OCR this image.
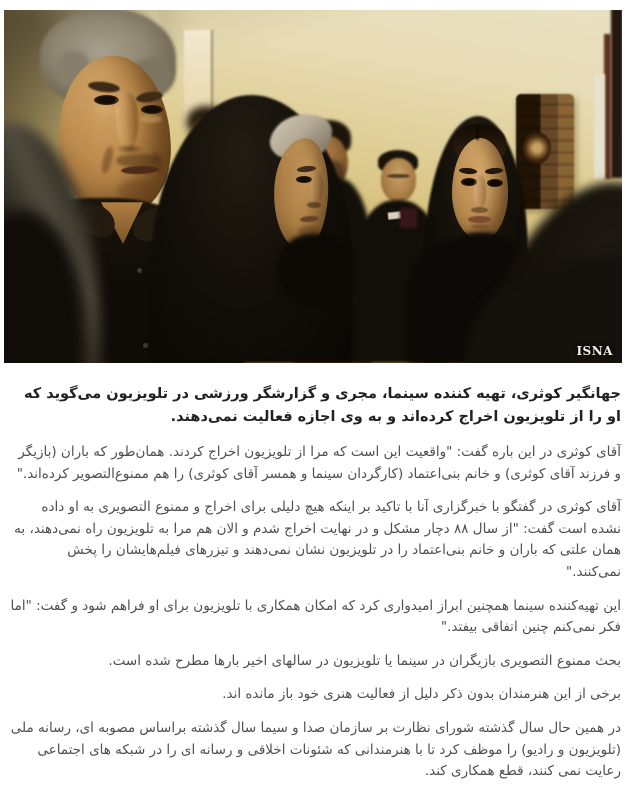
ISNA
جهانگیر کوثری، تهیه کننده سینما، مجری و گزارشگر ورزشی در تلویزیون می‌گوید که او را از تلویزیون اخراج کرده‌اند و به وی اجازه فعالیت نمی‌دهند.

آقای کوثری در این باره گفت: "واقعیت این است که مرا از تلویزیون اخراج کردند. همان‌طور که باران (بازیگر و فرزند آقای کوثری) و خانم بنی‌اعتماد (کارگردان سینما و همسر آقای کوثری) را هم ممنوع‌التصویر کرده‌اند."

آقای کوثری در گفتگو با خبرگزاری آنا با تاکید بر اینکه هیچ دلیلی برای اخراج و ممنوع التصویری به او داده نشده است گفت: "از سال ۸۸ دچار مشکل و در نهایت اخراج شدم و الان هم مرا به تلویزیون راه نمی‌دهند، به همان علتی که باران و خانم بنی‌اعتماد را در تلویزیون نشان نمی‌دهند و تیزرهای فیلم‌هایشان را پخش نمی‌کنند."

این تهیه‌کننده سینما همچنین ابراز امیدواری کرد که امکان همکاری با تلویزیون برای او فراهم شود و گفت: "اما فکر نمی‌کنم چنین اتفاقی بیفتد."

بحث ممنوع التصویری بازیگران در سینما یا تلویزیون در سالهای اخیر بارها مطرح شده است.

برخی از این هنرمندان بدون ذکر دلیل از فعالیت هنری خود باز مانده اند.

در همین حال سال گذشته شورای نظارت بر سازمان صدا و سیما سال گذشته براساس مصوبه ای، رسانه ملی (تلویزیون و رادیو) را موظف کرد تا با هنرمندانی که شئونات اخلاقی و رسانه ای را در شبکه های اجتماعی رعایت نمی کنند، قطع همکاری کند.
